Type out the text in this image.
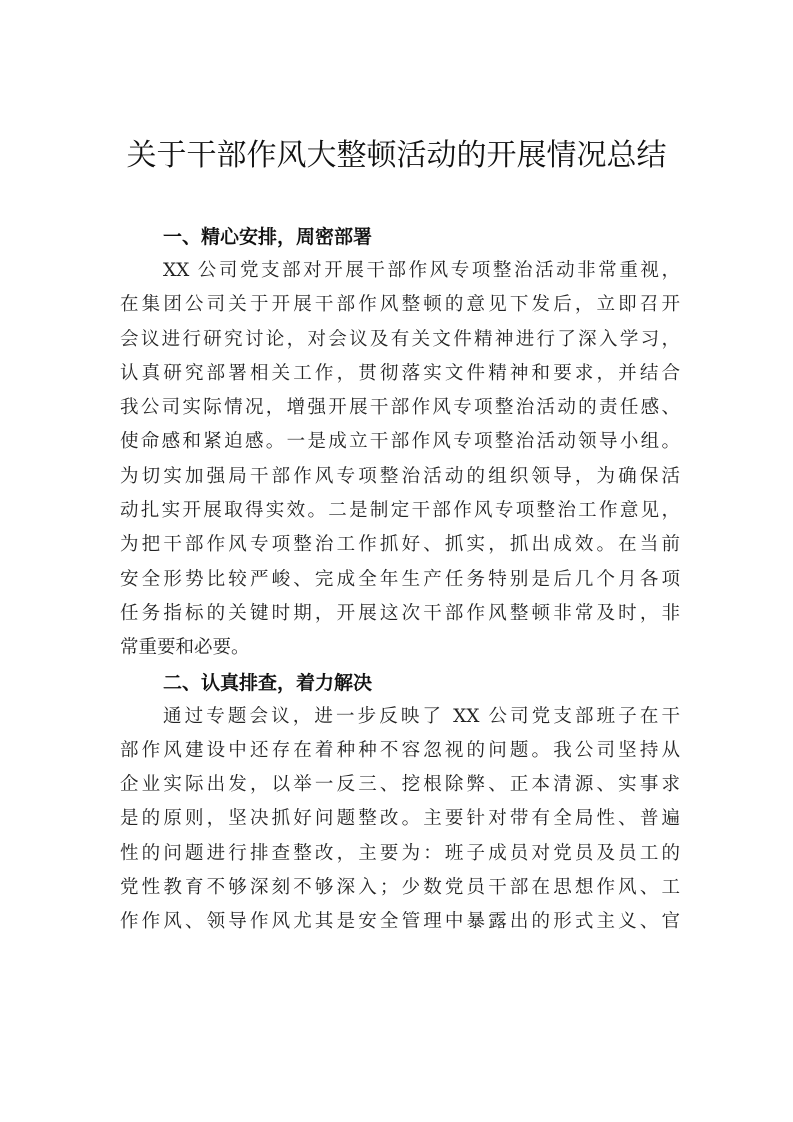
关于干部作风大整顿活动的开展情况总结
一、精心安排，周密部署
XX 公司党支部对开展干部作风专项整治活动非常重视，
在集团公司关于开展干部作风整顿的意见下发后，立即召开
会议进行研究讨论，对会议及有关文件精神进行了深入学习，
认真研究部署相关工作，贯彻落实文件精神和要求，并结合
我公司实际情况，增强开展干部作风专项整治活动的责任感、
使命感和紧迫感。一是成立干部作风专项整治活动领导小组。
为切实加强局干部作风专项整治活动的组织领导，为确保活
动扎实开展取得实效。二是制定干部作风专项整治工作意见，
为把干部作风专项整治工作抓好、抓实，抓出成效。在当前
安全形势比较严峻、完成全年生产任务特别是后几个月各项
任务指标的关键时期，开展这次干部作风整顿非常及时，非
常重要和必要。
二、认真排查，着力解决
通过专题会议，进一步反映了 XX 公司党支部班子在干
部作风建设中还存在着种种不容忽视的问题。我公司坚持从
企业实际出发，以举一反三、挖根除弊、正本清源、实事求
是的原则，坚决抓好问题整改。主要针对带有全局性、普遍
性的问题进行排查整改，主要为：班子成员对党员及员工的
党性教育不够深刻不够深入；少数党员干部在思想作风、工
作作风、领导作风尤其是安全管理中暴露出的形式主义、官
